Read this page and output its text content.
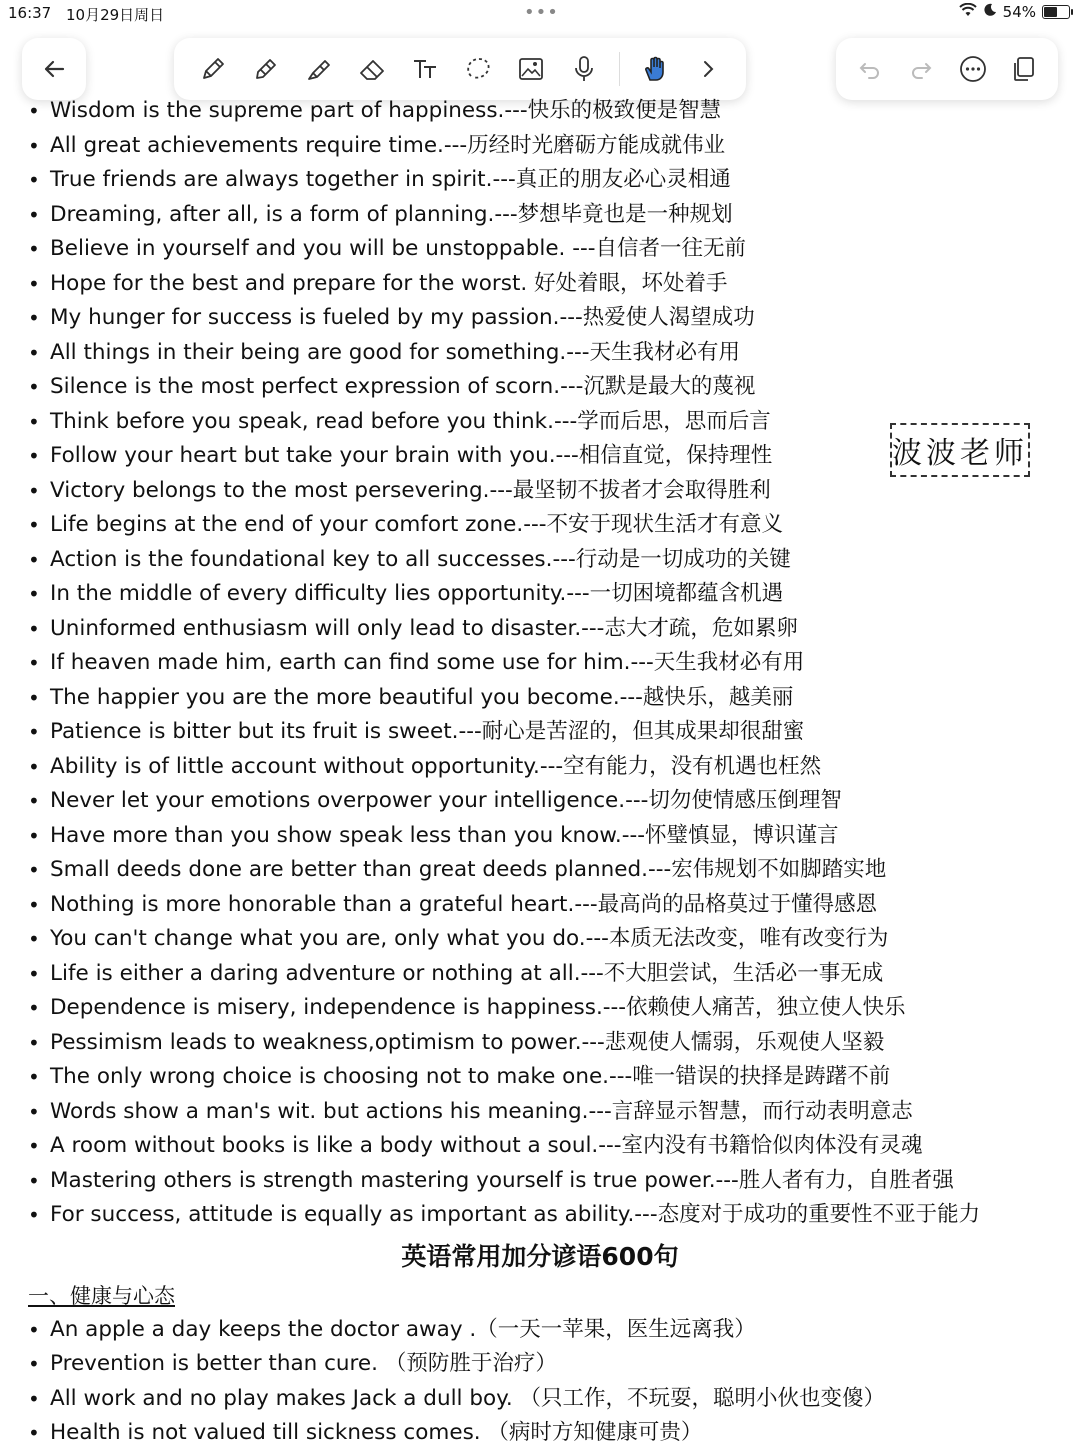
16:37 10月29日周日	•••	54%
• Wisdom is the supreme part of happiness.---快乐的极致便是智慧
• All great achievements require time.---历经时光磨砺方能成就伟业
• True friends are always together in spirit.---真正的朋友必心灵相通
• Dreaming, after all, is a form of planning.---梦想毕竟也是一种规划
• Believe in yourself and you will be unstoppable. ---自信者一往无前
• Hope for the best and prepare for the worst. 好处着眼，坏处着手
• My hunger for success is fueled by my passion.---热爱使人渴望成功
• All things in their being are good for something.---天生我材必有用
• Silence is the most perfect expression of scorn.---沉默是最大的蔑视
• Think before you speak, read before you think.---学而后思，思而后言
• Follow your heart but take your brain with you.---相信直觉，保持理性
• Victory belongs to the most persevering.---最坚韧不拔者才会取得胜利
• Life begins at the end of your comfort zone.---不安于现状生活才有意义
• Action is the foundational key to all successes.---行动是一切成功的关键
• In the middle of every difficulty lies opportunity.---一切困境都蕴含机遇
• Uninformed enthusiasm will only lead to disaster.---志大才疏，危如累卵
• If heaven made him, earth can find some use for him.---天生我材必有用
• The happier you are the more beautiful you become.---越快乐，越美丽
• Patience is bitter but its fruit is sweet.---耐心是苦涩的，但其成果却很甜蜜
• Ability is of little account without opportunity.---空有能力，没有机遇也枉然
• Never let your emotions overpower your intelligence.---切勿使情感压倒理智
• Have more than you show speak less than you know.---怀璧慎显，博识谨言
• Small deeds done are better than great deeds planned.---宏伟规划不如脚踏实地
• Nothing is more honorable than a grateful heart.---最高尚的品格莫过于懂得感恩
• You can't change what you are, only what you do.---本质无法改变，唯有改变行为
• Life is either a daring adventure or nothing at all.---不大胆尝试，生活必一事无成
• Dependence is misery, independence is happiness.---依赖使人痛苦，独立使人快乐
• Pessimism leads to weakness,optimism to power.---悲观使人懦弱，乐观使人坚毅
• The only wrong choice is choosing not to make one.---唯一错误的抉择是踌躇不前
• Words show a man's wit. but actions his meaning.---言辞显示智慧，而行动表明意志
• A room without books is like a body without a soul.---室内没有书籍恰似肉体没有灵魂
• Mastering others is strength mastering yourself is true power.---胜人者有力，自胜者强
• For success, attitude is equally as important as ability.---态度对于成功的重要性不亚于能力
英语常用加分谚语600句
一、健康与心态
• An apple a day keeps the doctor away .（一天一苹果，医生远离我）
• Prevention is better than cure. （预防胜于治疗）
• All work and no play makes Jack a dull boy. （只工作，不玩耍，聪明小伙也变傻）
• Health is not valued till sickness comes. （病时方知健康可贵）
波波老师
